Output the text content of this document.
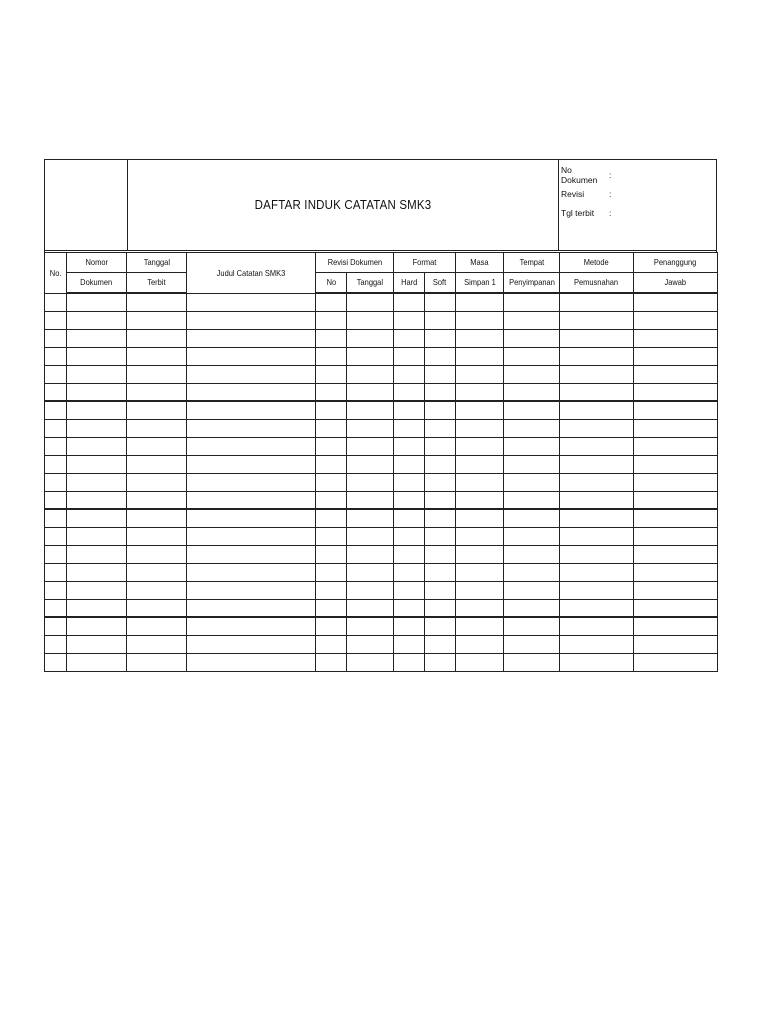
DAFTAR INDUK CATATAN SMK3
No Dokumen	:
Revisi	:
Tgl terbit	:
No.	Nomor	Tanggal	Judul Catatan SMK3	Revisi Dokumen		Format		Masa	Tempat	Metode	Penanggung
	Dokumen	Terbit		No	Tanggal	Hard	Soft	Simpan 1	Penyimpanan	Pemusnahan	Jawab
